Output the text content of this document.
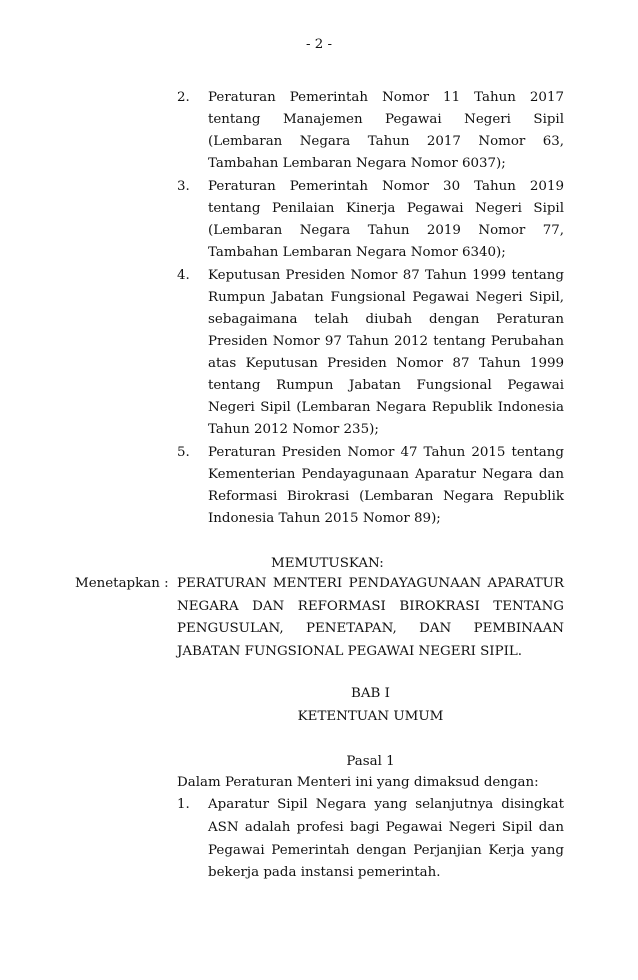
- 2 -
2.	Peraturan Pemerintah Nomor 11 Tahun 2017 tentang Manajemen Pegawai Negeri Sipil (Lembaran Negara Tahun 2017 Nomor 63, Tambahan Lembaran Negara Nomor 6037);
3.	Peraturan Pemerintah Nomor 30 Tahun 2019 tentang Penilaian Kinerja Pegawai Negeri Sipil (Lembaran Negara Tahun 2019 Nomor 77, Tambahan Lembaran Negara Nomor 6340);
4.	Keputusan Presiden Nomor 87 Tahun 1999 tentang Rumpun Jabatan Fungsional Pegawai Negeri Sipil, sebagaimana telah diubah dengan Peraturan Presiden Nomor 97 Tahun 2012 tentang Perubahan atas Keputusan Presiden Nomor 87 Tahun 1999 tentang Rumpun Jabatan Fungsional Pegawai Negeri Sipil (Lembaran Negara Republik Indonesia Tahun 2012 Nomor 235);
5.	Peraturan Presiden Nomor 47 Tahun 2015 tentang Kementerian Pendayagunaan Aparatur Negara dan Reformasi Birokrasi (Lembaran Negara Republik Indonesia Tahun 2015 Nomor 89);
MEMUTUSKAN:
Menetapkan : PERATURAN MENTERI PENDAYAGUNAAN APARATUR NEGARA DAN REFORMASI BIROKRASI TENTANG PENGUSULAN, PENETAPAN, DAN PEMBINAAN JABATAN FUNGSIONAL PEGAWAI NEGERI SIPIL.
BAB I
KETENTUAN UMUM
Pasal 1
Dalam Peraturan Menteri ini yang dimaksud dengan:
1.	Aparatur Sipil Negara yang selanjutnya disingkat ASN adalah profesi bagi Pegawai Negeri Sipil dan Pegawai Pemerintah dengan Perjanjian Kerja yang bekerja pada instansi pemerintah.
